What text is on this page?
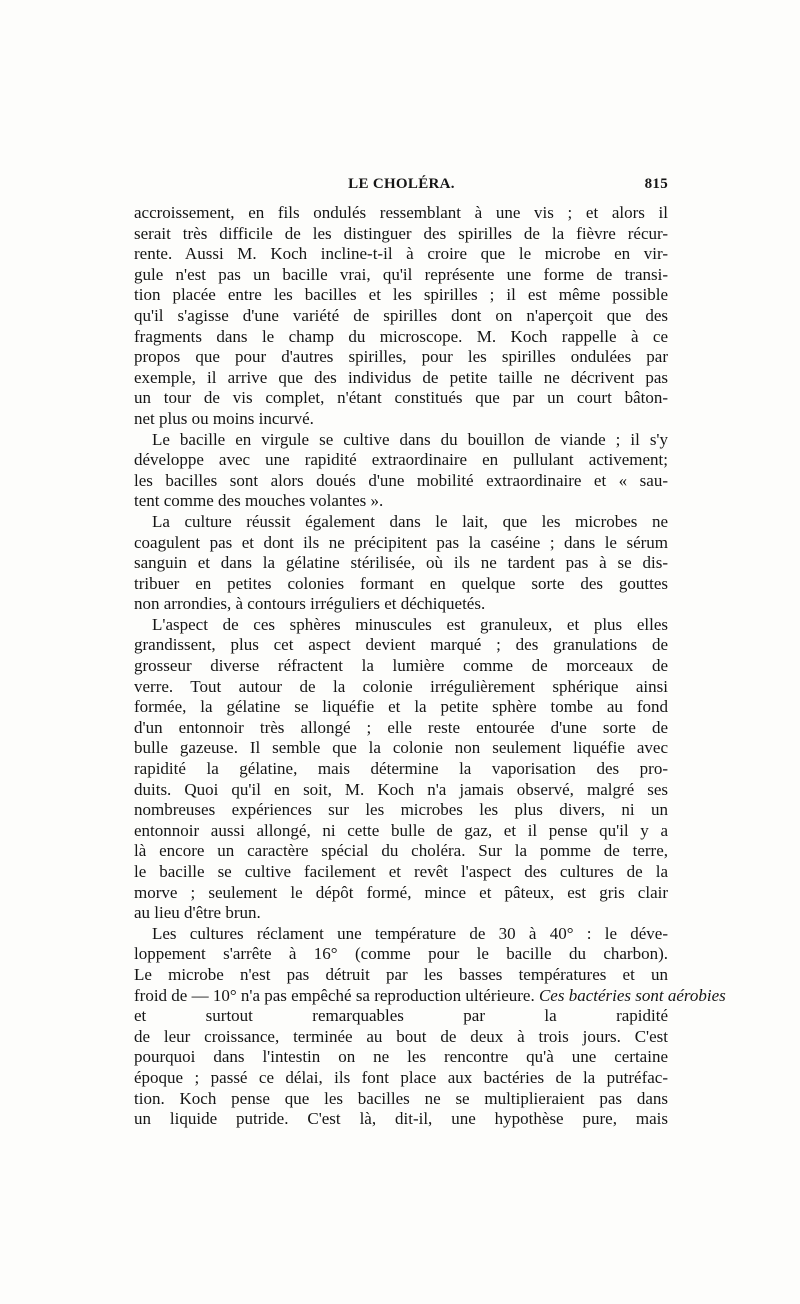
LE CHOLÉRA.	815
accroissement, en fils ondulés ressemblant à une vis ; et alors il
serait très difficile de les distinguer des spirilles de la fièvre récur-
rente. Aussi M. Koch incline-t-il à croire que le microbe en vir-
gule n'est pas un bacille vrai, qu'il représente une forme de transi-
tion placée entre les bacilles et les spirilles ; il est même possible
qu'il s'agisse d'une variété de spirilles dont on n'aperçoit que des
fragments dans le champ du microscope. M. Koch rappelle à ce
propos que pour d'autres spirilles, pour les spirilles ondulées par
exemple, il arrive que des individus de petite taille ne décrivent pas
un tour de vis complet, n'étant constitués que par un court bâton-
net plus ou moins incurvé.
Le bacille en virgule se cultive dans du bouillon de viande ; il s'y
développe avec une rapidité extraordinaire en pullulant activement;
les bacilles sont alors doués d'une mobilité extraordinaire et « sau-
tent comme des mouches volantes ».
La culture réussit également dans le lait, que les microbes ne
coagulent pas et dont ils ne précipitent pas la caséine ; dans le sérum
sanguin et dans la gélatine stérilisée, où ils ne tardent pas à se dis-
tribuer en petites colonies formant en quelque sorte des gouttes
non arrondies, à contours irréguliers et déchiquetés.
L'aspect de ces sphères minuscules est granuleux, et plus elles
grandissent, plus cet aspect devient marqué ; des granulations de
grosseur diverse réfractent la lumière comme de morceaux de
verre. Tout autour de la colonie irrégulièrement sphérique ainsi
formée, la gélatine se liquéfie et la petite sphère tombe au fond
d'un entonnoir très allongé ; elle reste entourée d'une sorte de
bulle gazeuse. Il semble que la colonie non seulement liquéfie avec
rapidité la gélatine, mais détermine la vaporisation des pro-
duits. Quoi qu'il en soit, M. Koch n'a jamais observé, malgré ses
nombreuses expériences sur les microbes les plus divers, ni un
entonnoir aussi allongé, ni cette bulle de gaz, et il pense qu'il y a
là encore un caractère spécial du choléra. Sur la pomme de terre,
le bacille se cultive facilement et revêt l'aspect des cultures de la
morve ; seulement le dépôt formé, mince et pâteux, est gris clair
au lieu d'être brun.
Les cultures réclament une température de 30 à 40° : le déve-
loppement s'arrête à 16° (comme pour le bacille du charbon).
Le microbe n'est pas détruit par les basses températures et un
froid de — 10° n'a pas empêché sa reproduction ultérieure. Ces bactéries sont aérobies
et surtout remarquables par la rapidité
de leur croissance, terminée au bout de deux à trois jours. C'est
pourquoi dans l'intestin on ne les rencontre qu'à une certaine
époque ; passé ce délai, ils font place aux bactéries de la putréfac-
tion. Koch pense que les bacilles ne se multiplieraient pas dans
un liquide putride. C'est là, dit-il, une hypothèse pure, mais
